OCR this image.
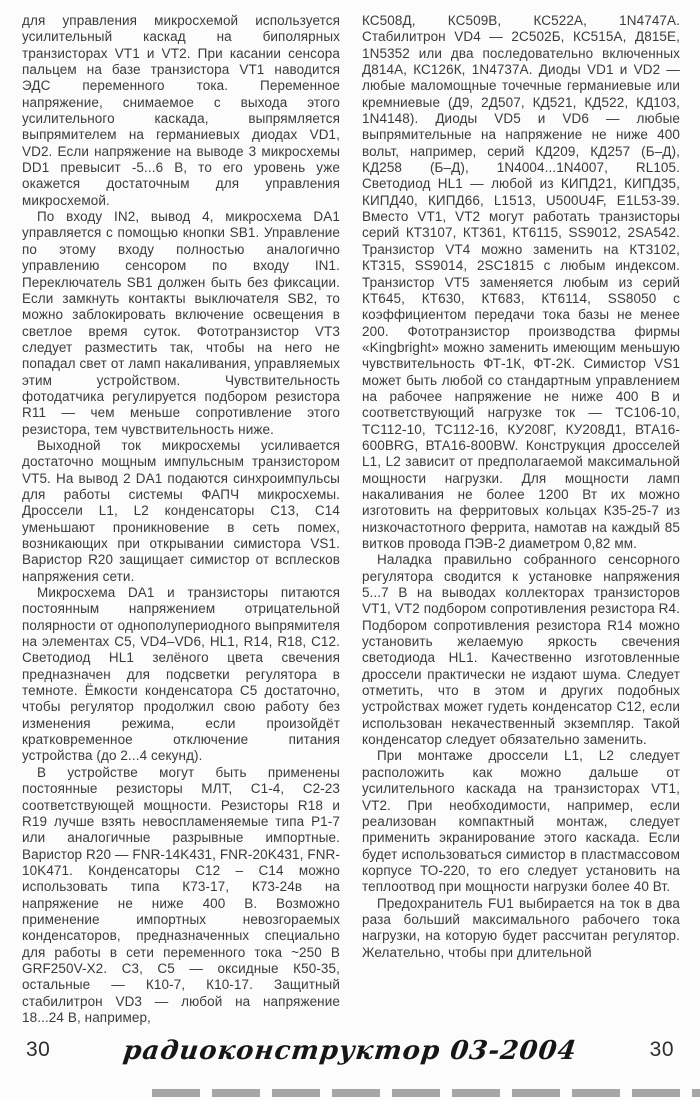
для управления микросхемой используется усилительный каскад на биполярных транзисторах VT1 и VT2. При касании сенсора пальцем на базе транзистора VT1 наводится ЭДС переменного тока. Переменное напряжение, снимаемое с выхода этого усилительного каскада, выпрямляется выпрямителем на германиевых диодах VD1, VD2. Если напряжение на выводе 3 микросхемы DD1 превысит -5...6 В, то его уровень уже окажется достаточным для управления микросхемой.

По входу IN2, вывод 4, микросхема DA1 управляется с помощью кнопки SB1. Управление по этому входу полностью аналогично управлению сенсором по входу IN1. Переключатель SB1 должен быть без фиксации. Если замкнуть контакты выключателя SB2, то можно заблокировать включение освещения в светлое время суток. Фототранзистор VT3 следует разместить так, чтобы на него не попадал свет от ламп накаливания, управляемых этим устройством. Чувствительность фотодатчика регулируется подбором резистора R11 — чем меньше сопротивление этого резистора, тем чувствительность ниже.

Выходной ток микросхемы усиливается достаточно мощным импульсным транзистором VT5. На вывод 2 DA1 подаются синхроимпульсы для работы системы ФАПЧ микросхемы. Дроссели L1, L2 конденсаторы С13, С14 уменьшают проникновение в сеть помех, возникающих при открывании симистора VS1. Варистор R20 защищает симистор от всплесков напряжения сети.

Микросхема DA1 и транзисторы питаются постоянным напряжением отрицательной полярности от однополупериодного выпрямителя на элементах С5, VD4–VD6, HL1, R14, R18, С12. Светодиод HL1 зелёного цвета свечения предназначен для подсветки регулятора в темноте. Ёмкости конденсатора С5 достаточно, чтобы регулятор продолжил свою работу без изменения режима, если произойдёт кратковременное отключение питания устройства (до 2...4 секунд).

В устройстве могут быть применены постоянные резисторы МЛТ, С1-4, С2-23 соответствующей мощности. Резисторы R18 и R19 лучше взять невоспламеняемые типа Р1-7 или аналогичные разрывные импортные. Варистор R20 — FNR-14K431, FNR-20K431, FNR-10K471. Конденсаторы С12 – С14 можно использовать типа К73-17, К73-24в на напряжение не ниже 400 В. Возможно применение импортных невозгораемых конденсаторов, предназначенных специально для работы в сети переменного тока ~250 В GRF250V-X2. С3, С5 — оксидные К50-35, остальные — К10-7, К10-17. Защитный стабилитрон VD3 — любой на напряжение 18...24 В, например,

КС508Д, КС509В, КС522А, 1N4747A. Стабилитрон VD4 — 2С502Б, КС515А, Д815Е, 1N5352 или два последовательно включенных Д814А, КС126К, 1N4737A. Диоды VD1 и VD2 — любые маломощные точечные германиевые или кремниевые (Д9, 2Д507, КД521, КД522, КД103, 1N4148). Диоды VD5 и VD6 — любые выпрямительные на напряжение не ниже 400 вольт, например, серий КД209, КД257 (Б–Д), КД258 (Б–Д), 1N4004...1N4007, RL105. Светодиод HL1 — любой из КИПД21, КИПД35, КИПД40, КИПД66, L1513, U500U4F, E1L53-39. Вместо VT1, VT2 могут работать транзисторы серий КТ3107, КТ361, КТ6115, SS9012, 2SA542. Транзистор VT4 можно заменить на КТ3102, КТ315, SS9014, 2SC1815 с любым индексом. Транзистор VT5 заменяется любым из серий КТ645, КТ630, КТ683, КТ6114, SS8050 с коэффициентом передачи тока базы не менее 200. Фототранзистор производства фирмы «Kingbright» можно заменить имеющим меньшую чувствительность ФТ-1К, ФТ-2К. Симистор VS1 может быть любой со стандартным управлением на рабочее напряжение не ниже 400 В и соответствующий нагрузке ток — ТС106-10, ТС112-10, ТС112-16, КУ208Г, КУ208Д1, ВТА16-600BRG, ВТА16-800BW. Конструкция дросселей L1, L2 зависит от предполагаемой максимальной мощности нагрузки. Для мощности ламп накаливания не более 1200 Вт их можно изготовить на ферритовых кольцах К35-25-7 из низкочастотного феррита, намотав на каждый 85 витков провода ПЭВ-2 диаметром 0,82 мм.

Наладка правильно собранного сенсорного регулятора сводится к установке напряжения 5...7 В на выводах коллекторах транзисторов VT1, VT2 подбором сопротивления резистора R4. Подбором сопротивления резистора R14 можно установить желаемую яркость свечения светодиода HL1. Качественно изготовленные дроссели практически не издают шума. Следует отметить, что в этом и других подобных устройствах может гудеть конденсатор С12, если использован некачественный экземпляр. Такой конденсатор следует обязательно заменить.

При монтаже дроссели L1, L2 следует расположить как можно дальше от усилительного каскада на транзисторах VT1, VT2. При необходимости, например, если реализован компактный монтаж, следует применить экранирование этого каскада. Если будет использоваться симистор в пластмассовом корпусе ТО-220, то его следует установить на теплоотвод при мощности нагрузки более 40 Вт.

Предохранитель FU1 выбирается на ток в два раза больший максимального рабочего тока нагрузки, на которую будет рассчитан регулятор. Желательно, чтобы при длительной

30	радиоконструктор 03-2004	30
